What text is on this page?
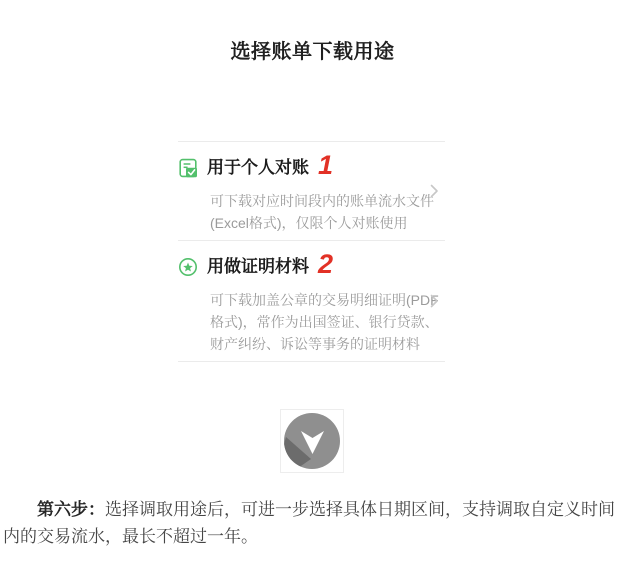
选择账单下载用途
用于个人对账 1
可下载对应时间段内的账单流水文件
(Excel格式)，仅限个人对账使用
用做证明材料 2
可下载加盖公章的交易明细证明(PDF
格式)，常作为出国签证、银行贷款、
财产纠纷、诉讼等事务的证明材料

第六步：选择调取用途后，可进一步选择具体日期区间，支持调取自定义时间
内的交易流水，最长不超过一年。
